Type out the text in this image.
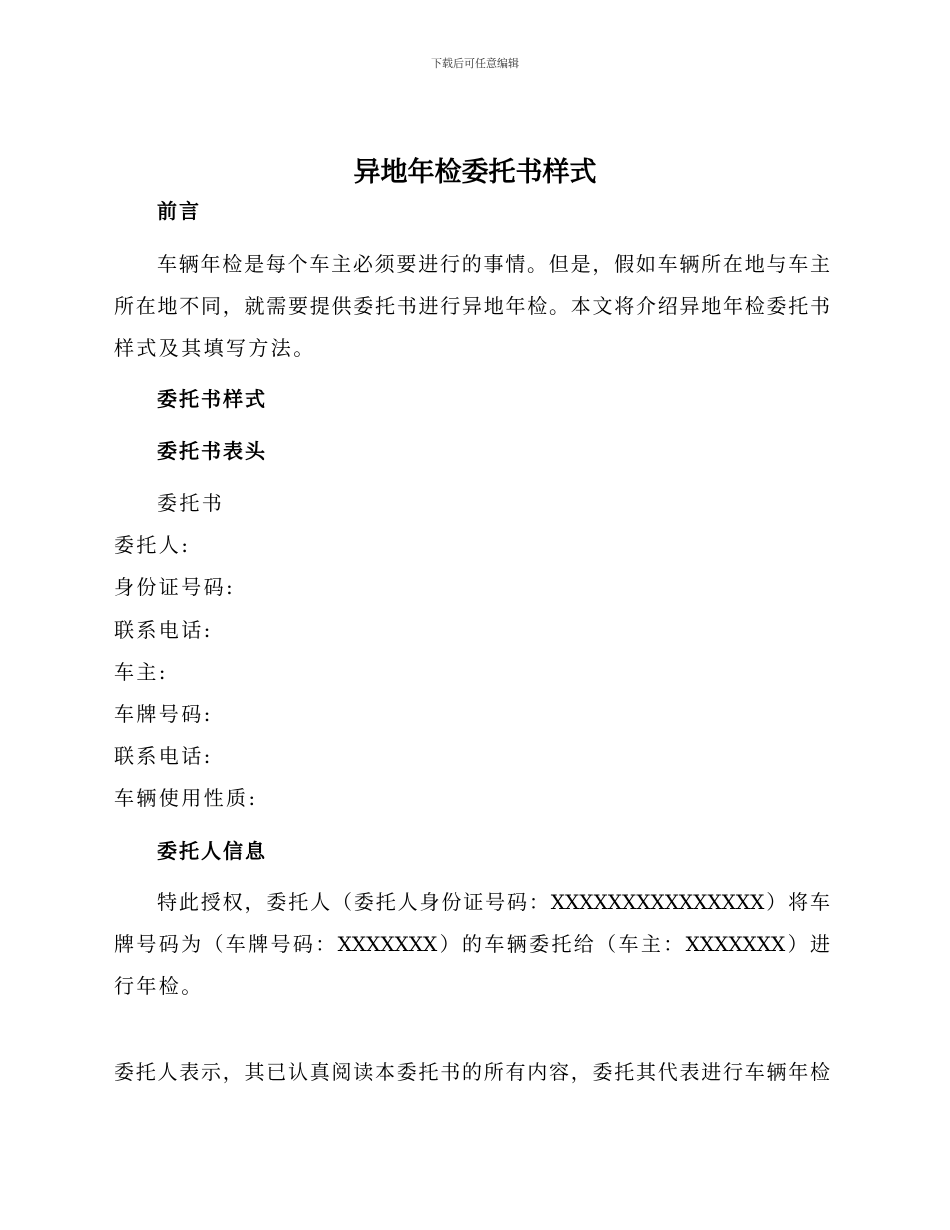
下载后可任意编辑
异地年检委托书样式
前言
车辆年检是每个车主必须要进行的事情。但是，假如车辆所在地与车主
所在地不同，就需要提供委托书进行异地年检。本文将介绍异地年检委托书
样式及其填写方法。
委托书样式
委托书表头
委托书
委托人:
身份证号码:
联系电话:
车主:
车牌号码:
联系电话:
车辆使用性质:
委托人信息
特此授权，委托人（委托人身份证号码：XXXXXXXXXXXXXXX）将车
牌号码为（车牌号码：XXXXXXX）的车辆委托给（车主：XXXXXXX）进
行年检。
委托人表示，其已认真阅读本委托书的所有内容，委托其代表进行车辆年检
